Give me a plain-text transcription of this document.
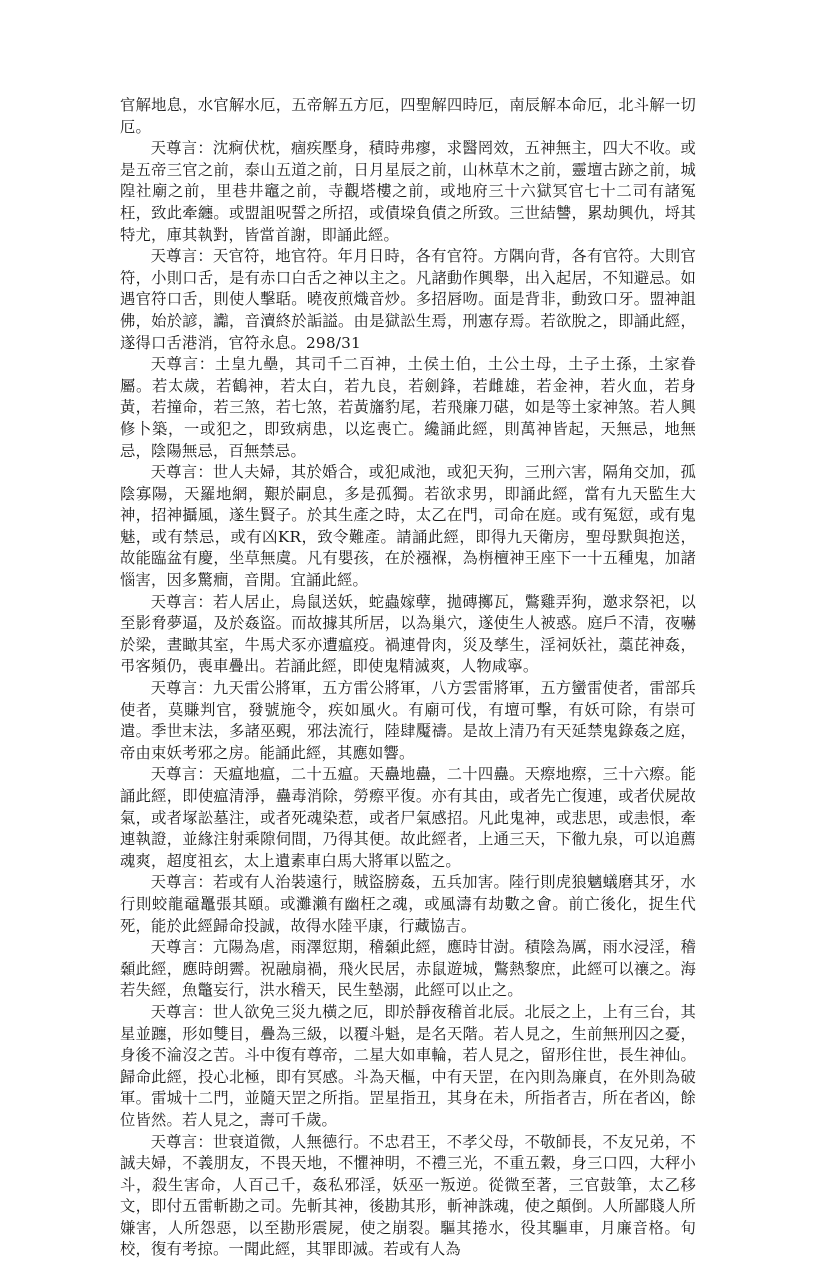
官解地息，水官解水厄，五帝解五方厄，四聖解四時厄，南辰解本命厄，北斗解一切厄。

天尊言：沈痾伏枕，痼疾壓身，積時弗瘳，求醫罔效，五神無主，四大不收。或是五帝三官之前，泰山五道之前，日月星辰之前，山林草木之前，靈壇古跡之前，城隍社廟之前，里巷井竈之前，寺觀塔樓之前，或地府三十六獄冥官七十二司有諸冤枉，致此牽纏。或盟詛呪誓之所招，或債垜負債之所致。三世結讐，累劫興仇，埒其特尤，庫其執對，皆當首謝，即誦此經。

天尊言：天官符，地官符。年月日時，各有官符。方隅向背，各有官符。大則官符，小則口舌，是有赤口白舌之神以主之。凡諸動作興舉，出入起居，不知避忌。如遇官符口舌，則使人擊聒。曉夜煎熾音炒。多招唇吻。面是背非，動致口牙。盟神詛佛，始於諺，讟，音瀆終於詬謚。由是獄訟生焉，刑憲存焉。若欲脫之，即誦此經，遂得口舌港消，官符永息。298/31

天尊言：土皇九壘，其司千二百神，土侯土伯，土公土母，土子土孫，土家眷屬。若太歲，若鶴神，若太白，若九良，若劍鋒，若雌雄，若金神，若火血，若身黃，若撞命，若三煞，若七煞，若黃旛豹尾，若飛廉刀碪，如是等土家神煞。若人興修卜築，一或犯之，即致病患，以迄喪亡。纔誦此經，則萬神皆起，天無忌，地無忌，陰陽無忌，百無禁忌。

天尊言：世人夫婦，其於婚合，或犯咸池，或犯天狗，三刑六害，隔角交加，孤陰寡陽，天羅地網，艱於嗣息，多是孤獨。若欲求男，即誦此經，當有九天監生大神，招神攝風，遂生賢子。於其生產之時，太乙在門，司命在庭。或有冤愆，或有鬼魅，或有禁忌，或有凶KR，致令難產。請誦此經，即得九天衛房，聖母默與抱送，故能臨盆有慶，坐草無虞。凡有嬰孩，在於襁褓，為栴檀神王座下一十五種鬼，加諸惱害，因多驚癎，音閒。宜誦此經。

天尊言：若人居止，烏鼠送妖，蛇蟲嫁孽，拋磚擲瓦，鷩雞弄狗，邀求祭祀，以至影脅夢逼，及於姦盜。而故據其所居，以為巢穴，遂使生人被惑。庭戶不清，夜嚇於梁，晝瞰其室，牛馬犬豕亦遭瘟疫。禍連骨肉，災及孳生，淫祠妖社，藁芘神姦，弔客頻仍，喪車疊出。若誦此經，即使鬼精滅爽，人物咸寧。

天尊言：九天雷公將軍，五方雷公將軍，八方雲雷將軍，五方蠻雷使者，雷部兵使者，莫賺判官，發號施令，疾如風火。有廟可伐，有壇可擊，有妖可除，有崇可遣。季世末法，多諸巫覡，邪法流行，陸肆魘禱。是故上清乃有天延禁鬼錄姦之庭，帝由束妖考邪之房。能誦此經，其應如響。

天尊言：天瘟地瘟，二十五瘟。天蠱地蠱，二十四蠱。天瘵地瘵，三十六瘵。能誦此經，即使瘟清淨，蠱毒消除，勞瘵平復。亦有其由，或者先亡復連，或者伏屍故氣，或者塚訟墓注，或者死魂染惹，或者尸氣感招。凡此鬼神，或悲思，或恚恨，牽連執證，並緣注射乘隙伺間，乃得其便。故此經者，上通三天，下徹九泉，可以追薦魂爽，超度祖玄，太上遺素車白馬大將軍以監之。

天尊言：若或有人治裝遠行，賊盜膀姦，五兵加害。陸行則虎狼魑蟻磨其牙，水行則蛟龍黿鼉張其頤。或灘瀨有幽枉之魂，或風濤有劫數之會。前亡後化，捉生代死，能於此經歸命投誠，故得水陸平康，行藏協吉。

天尊言：亢陽為虐，雨澤愆期，稽顙此經，應時甘澍。積陰為厲，雨水浸淫，稽顙此經，應時朗霽。祝融扇禍，飛火民居，赤鼠遊城，鷩熱黎庶，此經可以禳之。海若失經，魚鼈妄行，洪水稽天，民生墊溺，此經可以止之。

天尊言：世人欲免三災九橫之厄，即於靜夜稽首北辰。北辰之上，上有三台，其星並躔，形如雙目，疊為三級，以覆斗魁，是名天階。若人見之，生前無刑囚之憂，身後不淪沒之苦。斗中復有尊帝，二星大如車輪，若人見之，留形住世，長生神仙。歸命此經，投心北極，即有冥感。斗為天樞，中有天罡，在內則為廉貞，在外則為破軍。雷城十二門，並隨天罡之所指。罡星指丑，其身在未，所指者吉，所在者凶，餘位皆然。若人見之，壽可千歲。

天尊言：世衰道微，人無德行。不忠君王，不孝父母，不敬師長，不友兄弟，不誠夫婦，不義朋友，不畏天地，不懼神明，不禮三光，不重五穀，身三口四，大秤小斗，殺生害命，人百己千，姦私邪淫，妖巫一叛逆。從微至著，三官鼓筆，太乙移文，即付五雷斬勘之司。先斬其神，後勘其形，斬神誅魂，使之顛倒。人所鄙賤人所嫌害，人所怨惡，以至勘形震屍，使之崩裂。驅其捲水，役其驅車，月廉音格。旬校，復有考掠。一聞此經，其罪即滅。若或有人為
